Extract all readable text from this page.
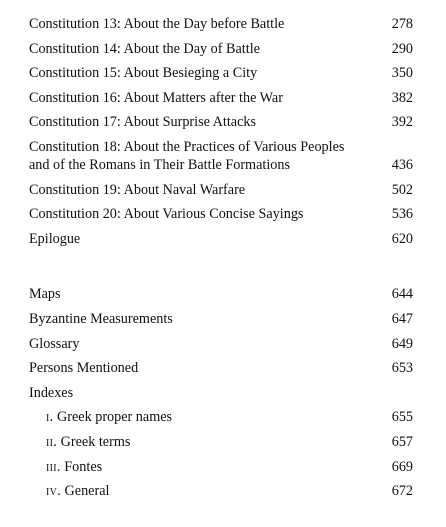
Constitution 13: About the Day before Battle	278
Constitution 14: About the Day of Battle	290
Constitution 15: About Besieging a City	350
Constitution 16: About Matters after the War	382
Constitution 17: About Surprise Attacks	392
Constitution 18: About the Practices of Various Peoples
and of the Romans in Their Battle Formations	436
Constitution 19: About Naval Warfare	502
Constitution 20: About Various Concise Sayings	536
Epilogue	620
Maps	644
Byzantine Measurements	647
Glossary	649
Persons Mentioned	653
Indexes
i. Greek proper names	655
ii. Greek terms	657
iii. Fontes	669
iv. General	672
